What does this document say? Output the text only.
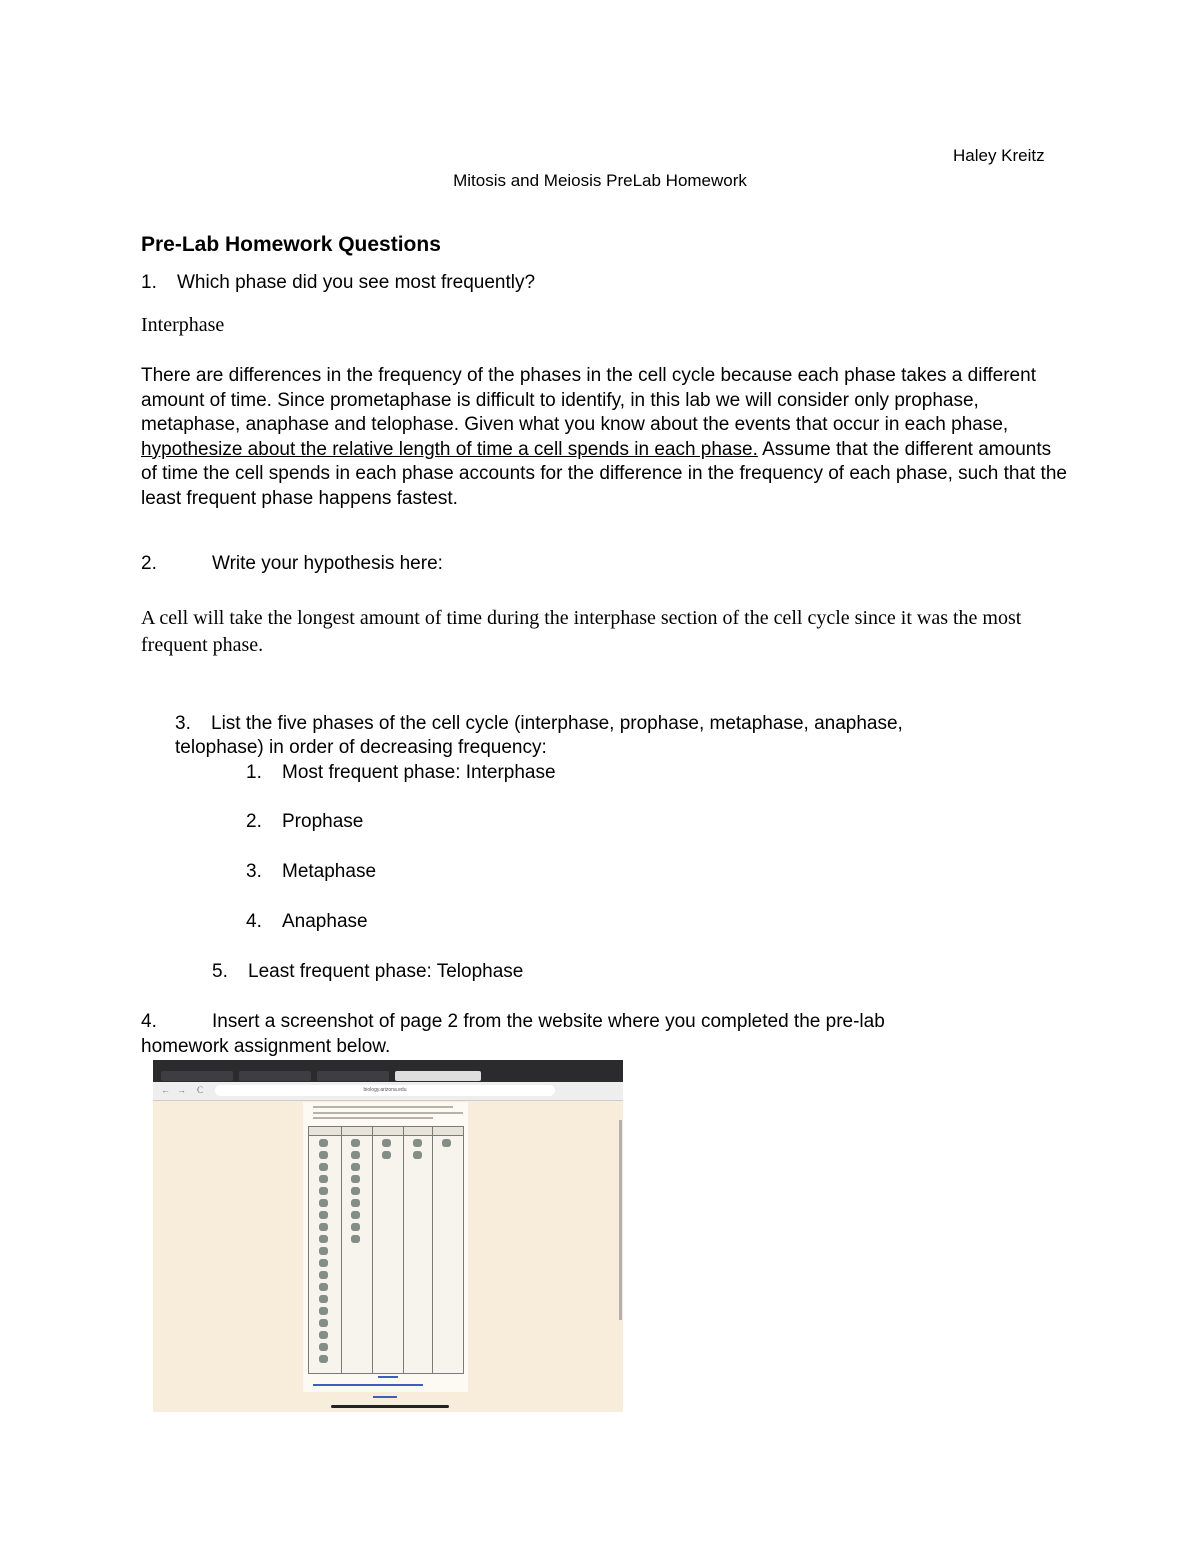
Haley Kreitz
Mitosis and Meiosis PreLab Homework
Pre-Lab Homework Questions
1. Which phase did you see most frequently?
Interphase
There are differences in the frequency of the phases in the cell cycle because each phase takes a different amount of time. Since prometaphase is difficult to identify, in this lab we will consider only prophase, metaphase, anaphase and telophase. Given what you know about the events that occur in each phase, hypothesize about the relative length of time a cell spends in each phase. Assume that the different amounts of time the cell spends in each phase accounts for the difference in the frequency of each phase, such that the least frequent phase happens fastest.
2.	Write your hypothesis here:
A cell will take the longest amount of time during the interphase section of the cell cycle since it was the most frequent phase.
3. List the five phases of the cell cycle (interphase, prophase, metaphase, anaphase,
telophase) in order of decreasing frequency:
1. Most frequent phase: Interphase
2. Prophase
3. Metaphase
4. Anaphase
5. Least frequent phase: Telophase
4.	Insert a screenshot of page 2 from the website where you completed the pre-lab
homework assignment below.
← → C	biology.arizona.edu
